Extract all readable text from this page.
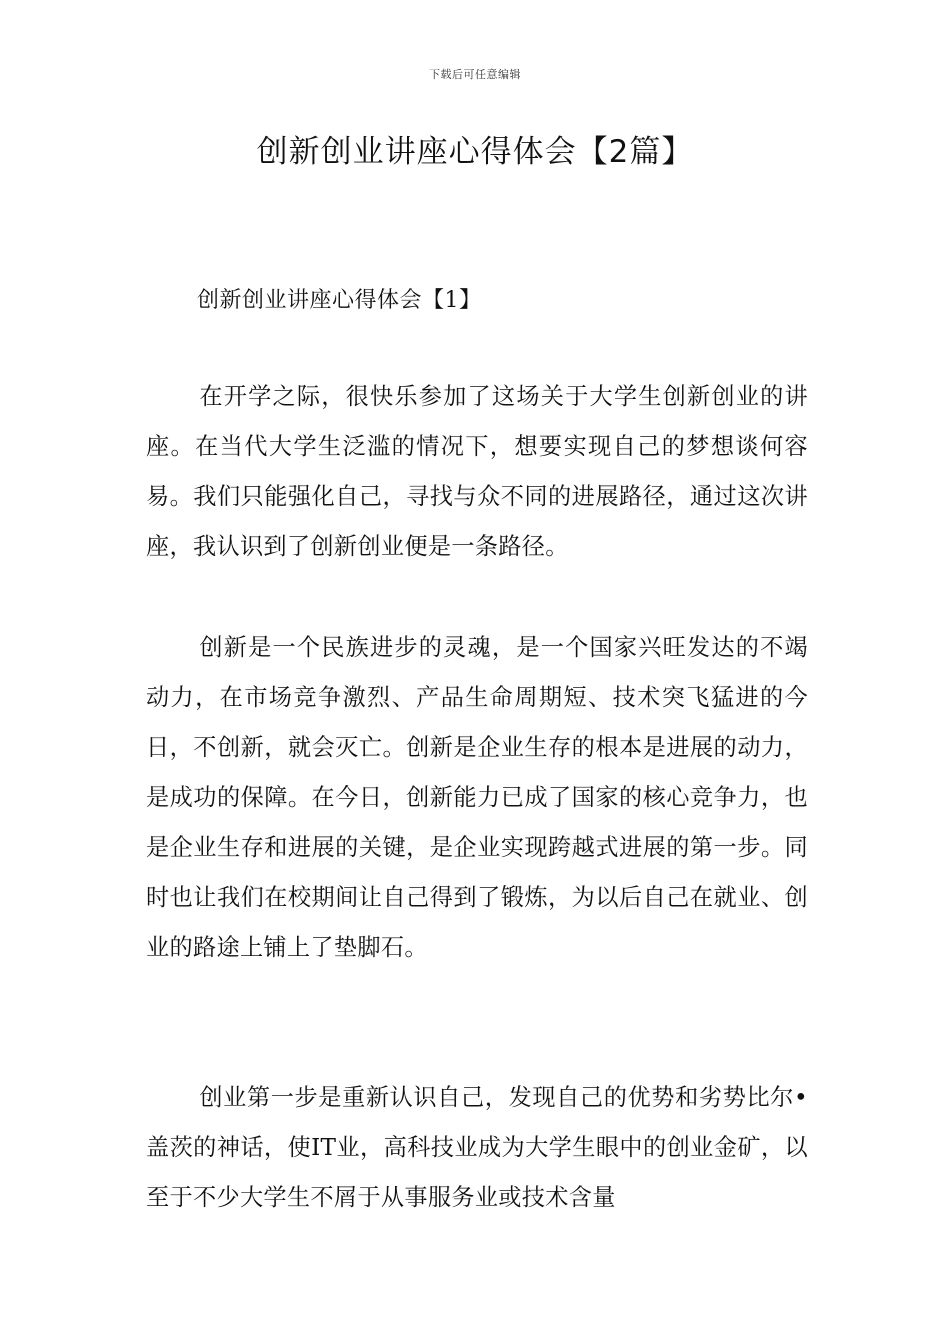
下载后可任意编辑
创新创业讲座心得体会【2篇】
创新创业讲座心得体会【1】

在开学之际，很快乐参加了这场关于大学生创新创业的讲座。在当代大学生泛滥的情况下，想要实现自己的梦想谈何容易。我们只能强化自己，寻找与众不同的进展路径，通过这次讲座，我认识到了创新创业便是一条路径。

创新是一个民族进步的灵魂，是一个国家兴旺发达的不竭动力，在市场竞争激烈、产品生命周期短、技术突飞猛进的今日，不创新，就会灭亡。创新是企业生存的根本是进展的动力，是成功的保障。在今日，创新能力已成了国家的核心竞争力，也是企业生存和进展的关键，是企业实现跨越式进展的第一步。同时也让我们在校期间让自己得到了锻炼，为以后自己在就业、创业的路途上铺上了垫脚石。

创业第一步是重新认识自己，发现自己的优势和劣势比尔•盖茨的神话，使IT业，高科技业成为大学生眼中的创业金矿，以至于不少大学生不屑于从事服务业或技术含量
